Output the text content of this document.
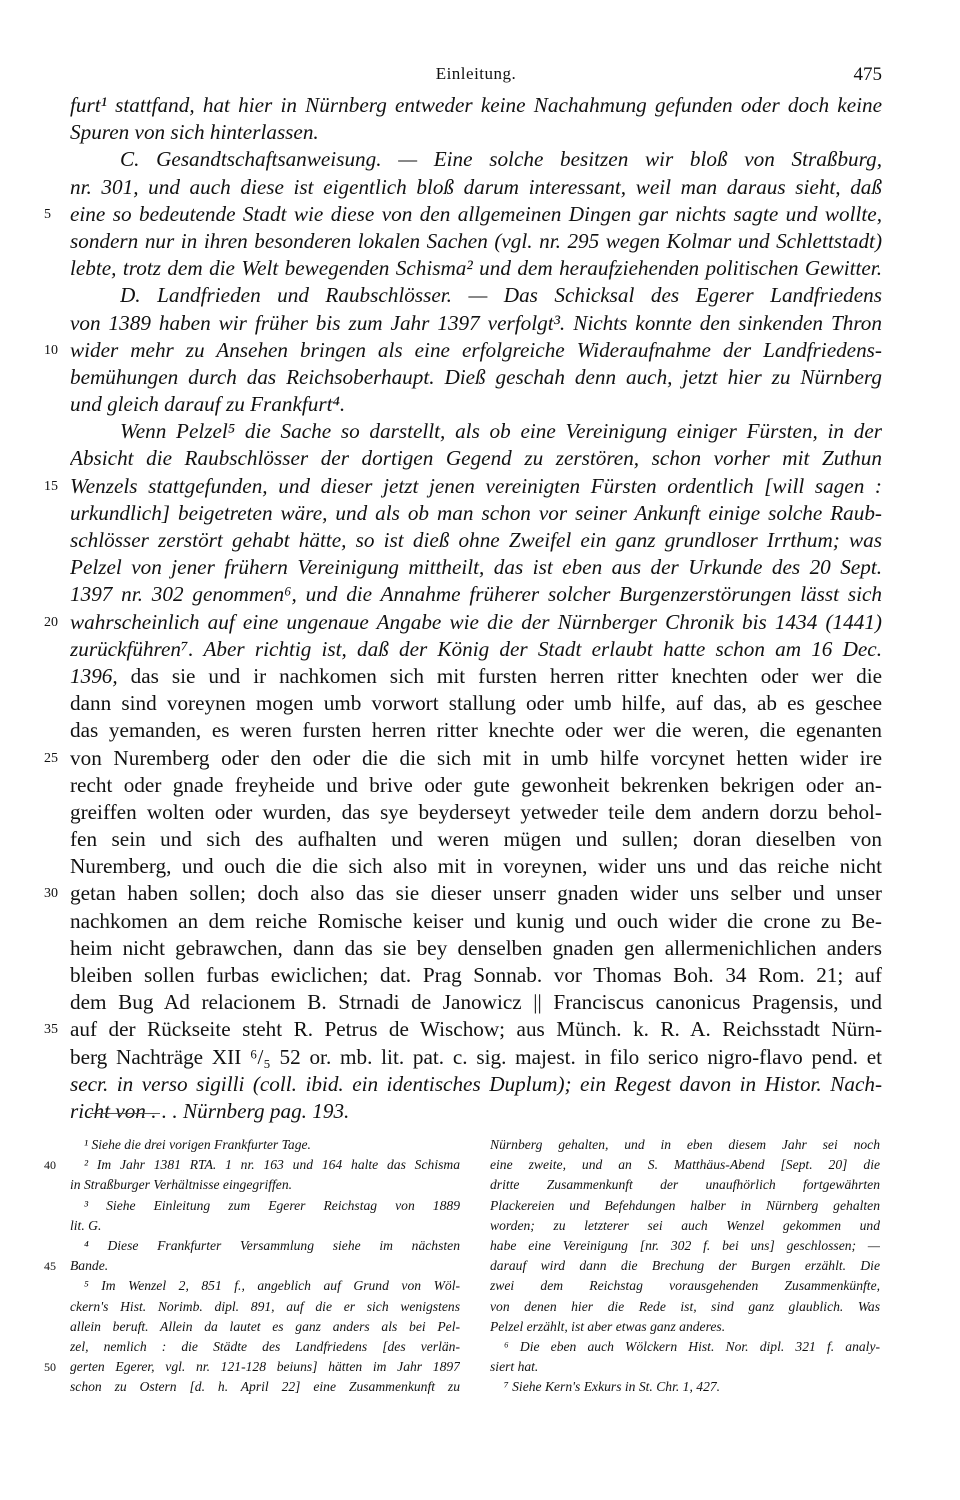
Einleitung.	475
furt¹ stattfand, hat hier in Nürnberg entweder keine Nachahmung gefunden oder doch keine
Spuren von sich hinterlassen.
C. Gesandtschaftsanweisung. — Eine solche besitzen wir bloß von Straßburg,
nr. 301, und auch diese ist eigentlich bloß darum interessant, weil man daraus sieht, daß
5 eine so bedeutende Stadt wie diese von den allgemeinen Dingen gar nichts sagte und wollte,
sondern nur in ihren besonderen lokalen Sachen (vgl. nr. 295 wegen Kolmar und Schlettstadt)
lebte, trotz dem die Welt bewegenden Schisma² und dem heraufziehenden politischen Gewitter.
D. Landfrieden und Raubschlösser. — Das Schicksal des Egerer Landfriedens
von 1389 haben wir früher bis zum Jahr 1397 verfolgt³. Nichts konnte den sinkenden Thron
10 wider mehr zu Ansehen bringen als eine erfolgreiche Wideraufnahme der Landfriedens-
bemühungen durch das Reichsoberhaupt. Dieß geschah denn auch, jetzt hier zu Nürnberg
und gleich darauf zu Frankfurt⁴.
Wenn Pelzel⁵ die Sache so darstellt, als ob eine Vereinigung einiger Fürsten, in der
Absicht die Raubschlösser der dortigen Gegend zu zerstören, schon vorher mit Zuthun
15 Wenzels stattgefunden, und dieser jetzt jenen vereinigten Fürsten ordentlich [will sagen :
urkundlich] beigetreten wäre, und als ob man schon vor seiner Ankunft einige solche Raub-
schlösser zerstört gehabt hätte, so ist dieß ohne Zweifel ein ganz grundloser Irrthum; was
Pelzel von jener frühern Vereinigung mittheilt, das ist eben aus der Urkunde des 20 Sept.
1397 nr. 302 genommen⁶, und die Annahme früherer solcher Burgenzerstörungen lässt sich
20 wahrscheinlich auf eine ungenaue Angabe wie die der Nürnberger Chronik bis 1434 (1441)
zurückführen⁷. Aber richtig ist, daß der König der Stadt erlaubt hatte schon am 16 Dec.
1396, das sie und ir nachkomen sich mit fursten herren ritter knechten oder wer die
dann sind voreynen mogen umb vorwort stallung oder umb hilfe, auf das, ab es geschee
das yemanden, es weren fursten herren ritter knechte oder wer die weren, die egenanten
25 von Nuremberg oder den oder die die sich mit in umb hilfe vorcynet hetten wider ire
recht oder gnade freyheide und brive oder gute gewonheit bekrenken bekrigen oder an-
greiffen wolten oder wurden, das sye beyderseyt yetweder teile dem andern dorzu behol-
fen sein und sich des aufhalten und weren mügen und sullen; doran dieselben von
Nuremberg, und ouch die die sich also mit in voreynen, wider uns und das reiche nicht
30 getan haben sollen; doch also das sie dieser unserr gnaden wider uns selber und unser
nachkomen an dem reiche Romische keiser und kunig und ouch wider die crone zu Be-
heim nicht gebrawchen, dann das sie bey denselben gnaden gen allermenichlichen anders
bleiben sollen furbas ewiclichen; dat. Prag Sonnab. vor Thomas Boh. 34 Rom. 21; auf
dem Bug Ad relacionem B. Strnadi de Janowicz || Franciscus canonicus Pragensis, und
35 auf der Rückseite steht R. Petrus de Wischow; aus Münch. k. R. A. Reichsstadt Nürn-
berg Nachträge XII ⁶/₅ 52 or. mb. lit. pat. c. sig. majest. in filo serico nigro-flavo pend. et
secr. in verso sigilli (coll. ibid. ein identisches Duplum); ein Regest davon in Histor. Nach-
richt von . . . Nürnberg pag. 193.
¹ Siehe die drei vorigen Frankfurter Tage.
40	² Im Jahr 1381 RTA. 1 nr. 163 und 164 halte das Schisma
in Straßburger Verhältnisse eingegriffen.
³ Siehe Einleitung zum Egerer Reichstag von 1889
lit. G.
⁴ Diese Frankfurter Versammlung siehe im nächsten
45 Bande.
⁵ Im Wenzel 2, 851 f., angeblich auf Grund von Wöl-
ckern's Hist. Norimb. dipl. 891, auf die er sich wenigstens
allein beruft. Allein da lautet es ganz anders als bei Pel-
zel, nemlich : die Städte des Landfriedens [des verlän-
50 gerten Egerer, vgl. nr. 121-128 beiuns] hätten im Jahr 1897
schon zu Ostern [d. h. April 22] eine Zusammenkunft zu
Nürnberg gehalten, und in eben diesem Jahr sei noch
eine zweite, und an S. Matthäus-Abend [Sept. 20] die
dritte Zusammenkunft der unaufhörlich fortgewährten
Plackereien und Befehdungen halber in Nürnberg gehalten
worden; zu letzterer sei auch Wenzel gekommen und
habe eine Vereinigung [nr. 302 f. bei uns] geschlossen; —
darauf wird dann die Brechung der Burgen erzählt. Die
zwei dem Reichstag vorausgehenden Zusammenkünfte,
von denen hier die Rede ist, sind ganz glaublich. Was
Pelzel erzählt, ist aber etwas ganz anderes.
⁶ Die eben auch Wölckern Hist. Nor. dipl. 321 f. analy-
siert hat.
⁷ Siehe Kern's Exkurs in St. Chr. 1, 427.
